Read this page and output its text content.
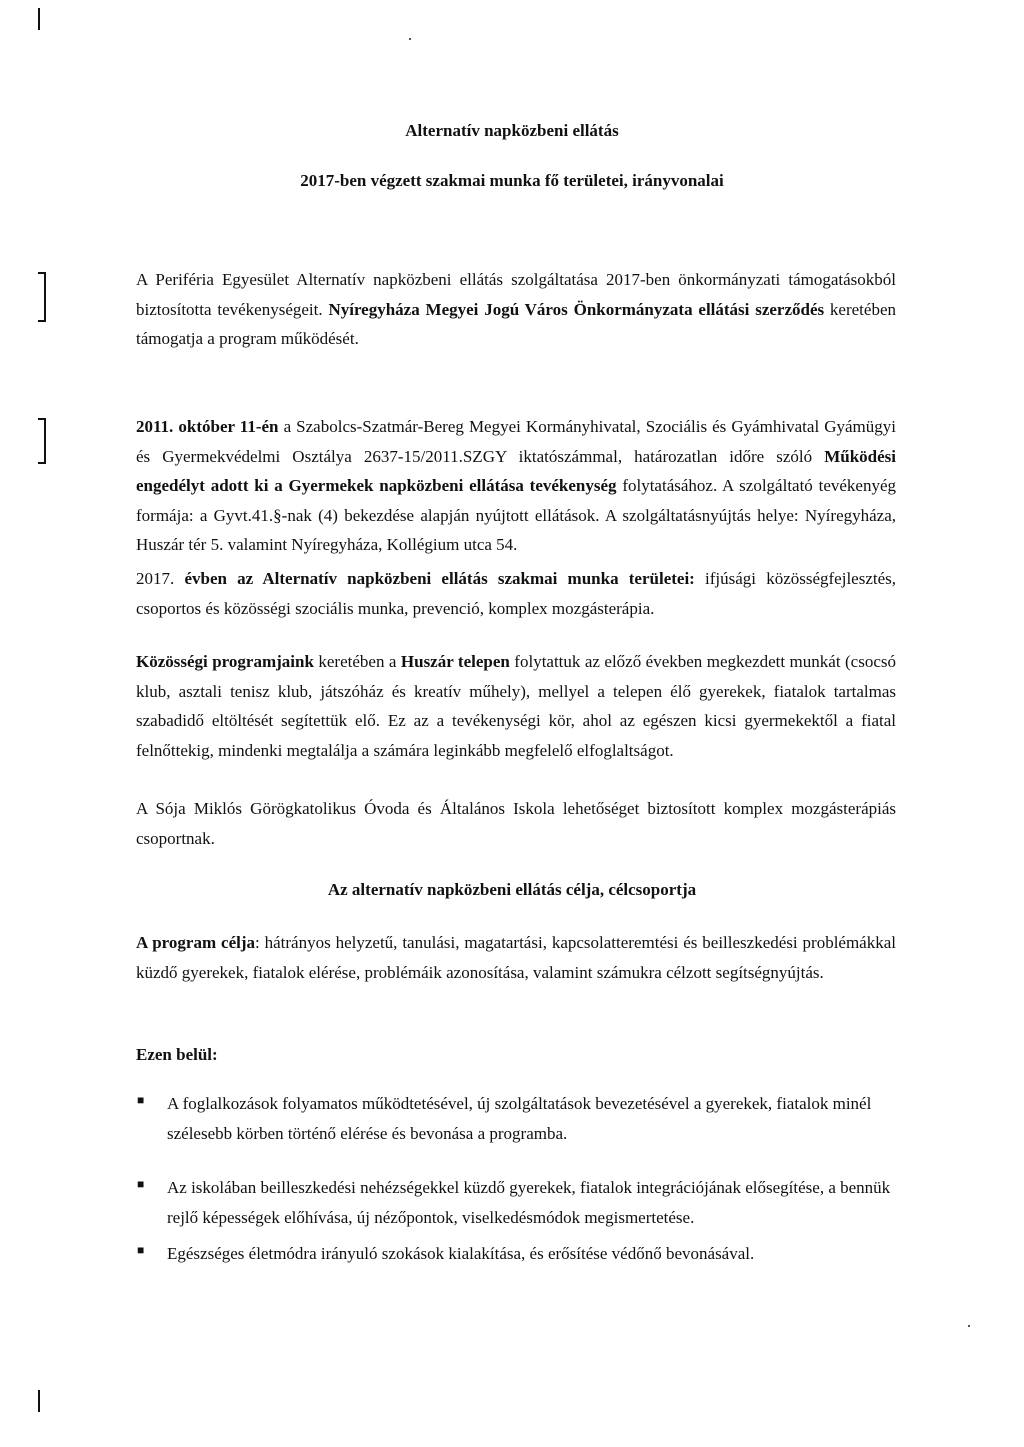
Alternatív napközbeni ellátás
2017-ben végzett szakmai munka fő területei, irányvonalai
A Periféria Egyesület Alternatív napközbeni ellátás szolgáltatása 2017-ben önkormányzati támogatásokból biztosította tevékenységeit. Nyíregyháza Megyei Jogú Város Önkormányzata ellátási szerződés keretében támogatja a program működését.
2011. október 11-én a Szabolcs-Szatmár-Bereg Megyei Kormányhivatal, Szociális és Gyámhivatal Gyámügyi és Gyermekvédelmi Osztálya 2637-15/2011.SZGY iktatószámmal, határozatlan időre szóló Működési engedélyt adott ki a Gyermekek napközbeni ellátása tevékenység folytatásához. A szolgáltató tevékenyég formája: a Gyvt.41.§-nak (4) bekezdése alapján nyújtott ellátások. A szolgáltatásnyújtás helye: Nyíregyháza, Huszár tér 5. valamint Nyíregyháza, Kollégium utca 54.
2017. évben az Alternatív napközbeni ellátás szakmai munka területei: ifjúsági közösségfejlesztés, csoportos és közösségi szociális munka, prevenció, komplex mozgásterápia.
Közösségi programjaink keretében a Huszár telepen folytattuk az előző években megkezdett munkát (csocsó klub, asztali tenisz klub, játszóház és kreatív műhely), mellyel a telepen élő gyerekek, fiatalok tartalmas szabadidő eltöltését segítettük elő. Ez az a tevékenységi kör, ahol az egészen kicsi gyermekektől a fiatal felnőttekig, mindenki megtalálja a számára leginkább megfelelő elfoglaltságot.
A Sója Miklós Görögkatolikus Óvoda és Általános Iskola lehetőséget biztosított komplex mozgásterápiás csoportnak.
Az alternatív napközbeni ellátás célja, célcsoportja
A program célja: hátrányos helyzetű, tanulási, magatartási, kapcsolatteremtési és beilleszkedési problémákkal küzdő gyerekek, fiatalok elérése, problémáik azonosítása, valamint számukra célzott segítségnyújtás.
Ezen belül:
■ A foglalkozások folyamatos működtetésével, új szolgáltatások bevezetésével a gyerekek, fiatalok minél szélesebb körben történő elérése és bevonása a programba.
■ Az iskolában beilleszkedési nehézségekkel küzdő gyerekek, fiatalok integrációjának elősegítése, a bennük rejlő képességek előhívása, új nézőpontok, viselkedésmódok megismertetése.
■ Egészséges életmódra irányuló szokások kialakítása, és erősítése védőnő bevonásával.
